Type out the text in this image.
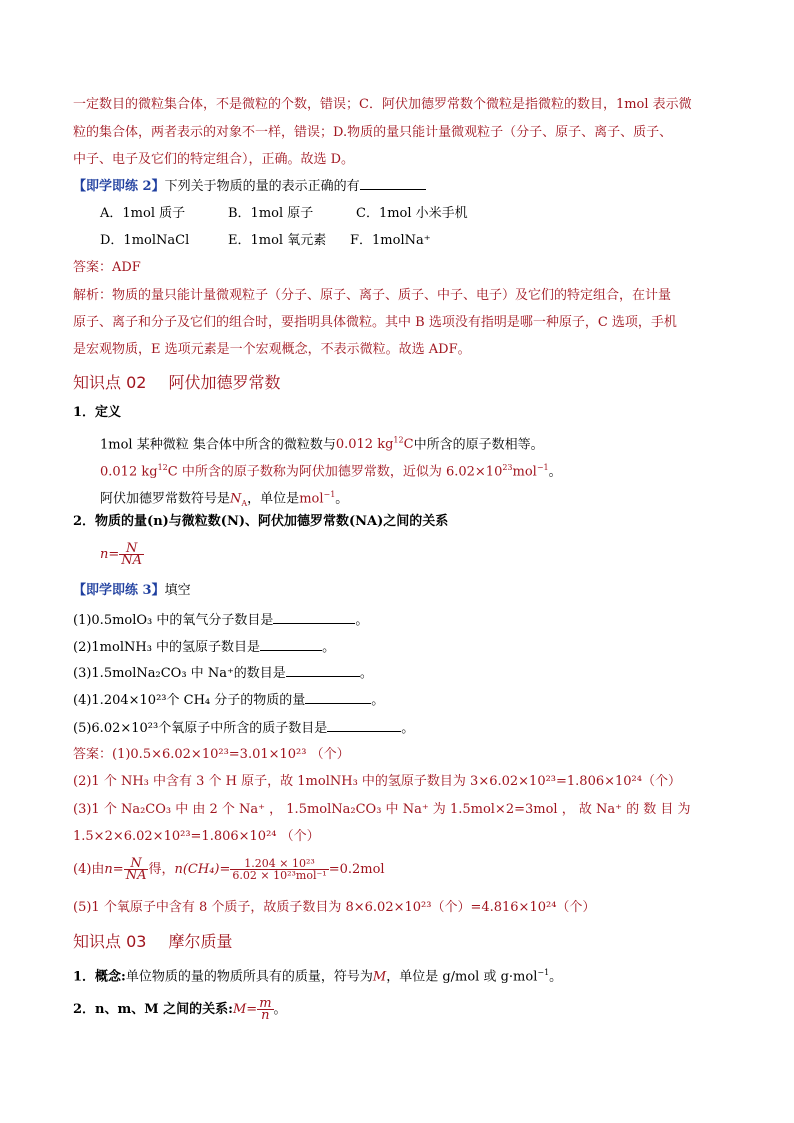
一定数目的微粒集合体，不是微粒的个数，错误；C．阿伏加德罗常数个微粒是指微粒的数目，1mol 表示微
粒的集合体，两者表示的对象不一样，错误；D.物质的量只能计量微观粒子（分子、原子、离子、质子、
中子、电子及它们的特定组合），正确。故选 D。
【即学即练 2】下列关于物质的量的表示正确的有
A．1mol 质子	B．1mol 原子	C．1mol 小米手机
D．1molNaCl	E．1mol 氧元素 F．1molNa⁺
答案：ADF
解析：物质的量只能计量微观粒子（分子、原子、离子、质子、中子、电子）及它们的特定组合，在计量
原子、离子和分子及它们的组合时，要指明具体微粒。其中 B 选项没有指明是哪一种原子，C 选项，手机
是宏观物质，E 选项元素是一个宏观概念，不表示微粒。故选 ADF。
知识点 02 阿伏加德罗常数
1．定义
1mol 某种微粒 集合体中所含的微粒数与0.012 $kg^{12}C$中所含的原子数相等。
0.012 $kg^{12}C$ 中所含的原子数称为阿伏加德罗常数，近似为 $6.02\times 10^{23}mol^{-1}$。
阿伏加德罗常数符号是$N_A$，单位是mol$^{-1}$。
2．物质的量(n)与微粒数(N)、阿伏加德罗常数(NA)之间的关系
$n= \frac{N}{NA}$
【即学即练 3】填空
(1)0.5molO₃ 中的氧气分子数目是	。
(2)1molNH₃ 中的氢原子数目是	。
(3)1.5molNa₂CO₃ 中 Na⁺的数目是	。
(4)1.204×10²³个 CH₄ 分子的物质的量	。
(5)6.02×10²³个氧原子中所含的质子数目是	。
答案：(1)0.5×6.02×10²³=3.01×10²³ （个）
(2)1 个 NH₃ 中含有 3 个 H 原子，故 1molNH₃ 中的氢原子数目为 3×6.02×10²³=1.806×10²⁴（个）
(3)1 个 Na₂CO₃ 中 由 2 个 Na⁺ ， 1.5molNa₂CO₃ 中 Na⁺ 为 1.5mol×2=3mol ， 故 Na⁺ 的 数 目 为
1.5×2×6.02×10²³=1.806×10²⁴ （个）
(4)由$n= \frac{N}{NA}$ 得，$n(CH_4)= \frac{\text{1.204 × 10²³}}{\text{6.02 × 10²³mol⁻¹}} =0.2mol$
(5)1 个氧原子中含有 8 个质子，故质子数目为 8×6.02×10²³（个）=4.816×10²⁴（个）
知识点 03 摩尔质量
1．概念:单位物质的量的物质所具有的质量，符号为M，单位是 g/mol 或 g·mol$^{-1}$。
2．n、m、M 之间的关系:M= $\frac{m}{n}$ 。
